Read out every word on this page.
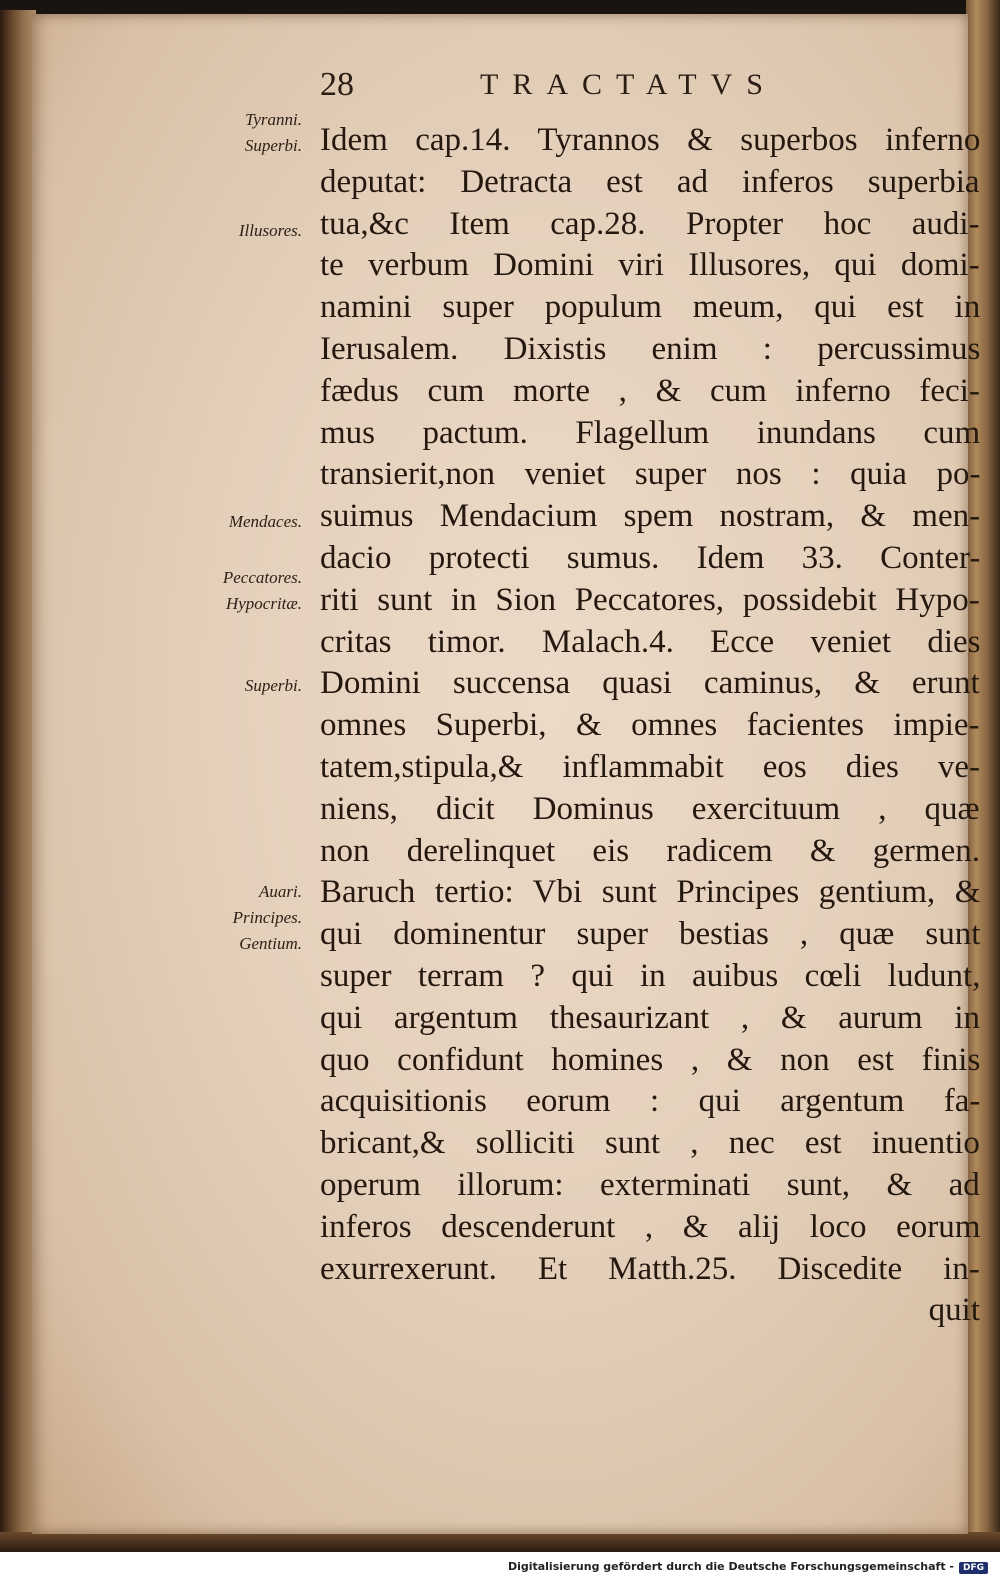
28	TRACTATVS
Tyranni.
Superbi.
Illusores.
Mendaces.
Peccatores.
Hypocritæ.
Superbi.
Auari.
Principes.
Gentium.
Idem cap.14. Tyrannos & superbos inferno
deputat: Detracta est ad inferos superbia
tua,&c Item cap.28. Propter hoc audi-
te verbum Domini viri Illusores, qui domi-
namini super populum meum, qui est in
Ierusalem. Dixistis enim : percussimus
fædus cum morte , & cum inferno feci-
mus pactum. Flagellum inundans cum
transierit,non veniet super nos : quia po-
suimus Mendacium spem nostram, & men-
dacio protecti sumus. Idem 33. Conter-
riti sunt in Sion Peccatores, possidebit Hypo-
critas timor. Malach.4. Ecce veniet dies
Domini succensa quasi caminus, & erunt
omnes Superbi, & omnes facientes impie-
tatem,stipula,& inflammabit eos dies ve-
niens, dicit Dominus exercituum , quæ
non derelinquet eis radicem & germen.
Baruch tertio: Vbi sunt Principes gentium, &
qui dominentur super bestias , quæ sunt
super terram ? qui in auibus cœli ludunt,
qui argentum thesaurizant , & aurum in
quo confidunt homines , & non est finis
acquisitionis eorum : qui argentum fa-
bricant,& solliciti sunt , nec est inuentio
operum illorum: exterminati sunt, & ad
inferos descenderunt , & alij loco eorum
exurrexerunt. Et Matth.25. Discedite in-
quit
Digitalisierung gefördert durch die Deutsche Forschungsgemeinschaft - DFG
